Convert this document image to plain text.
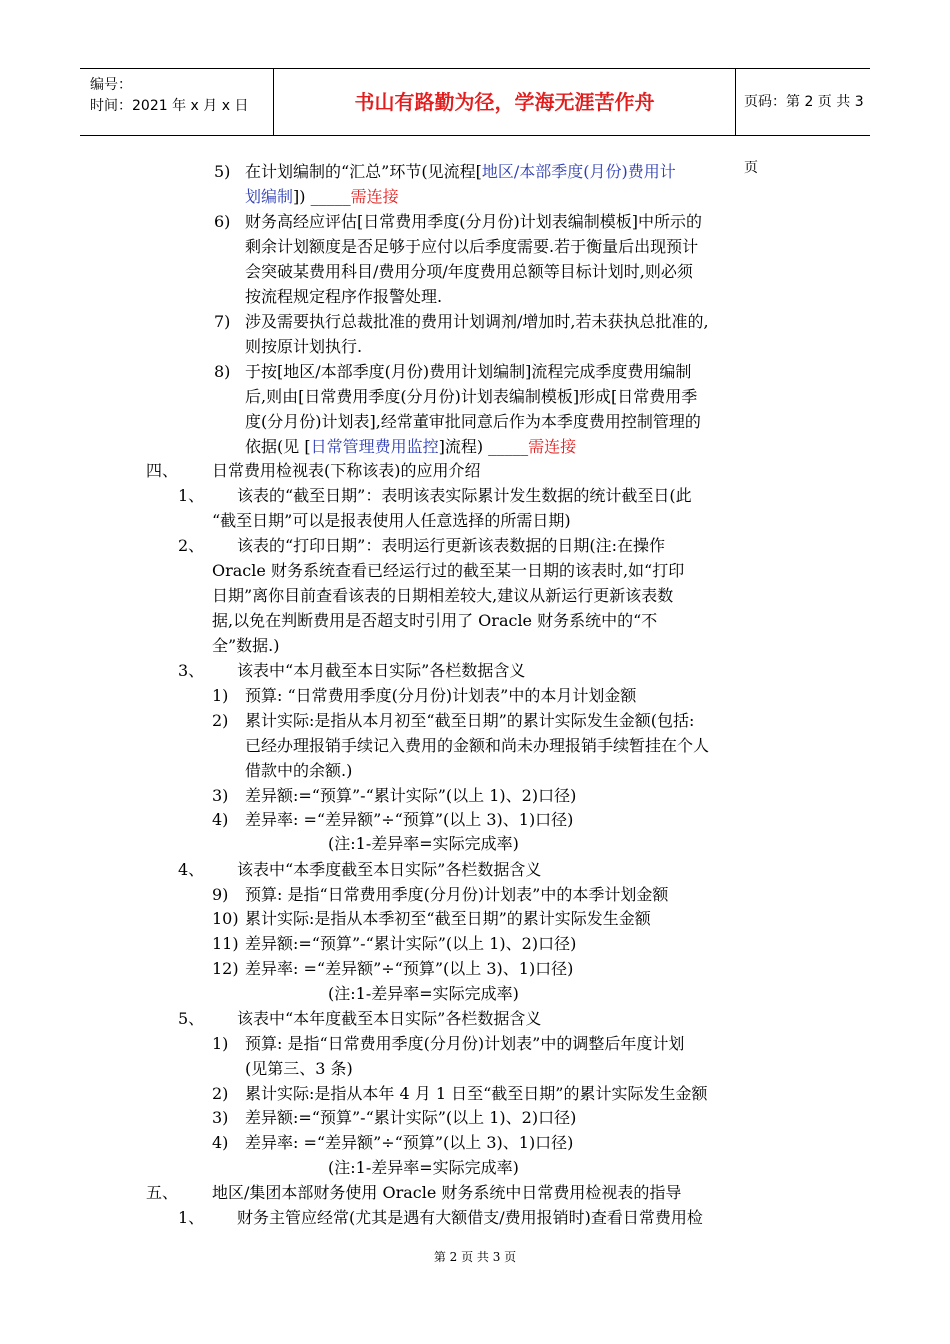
编号：
时间：2021 年 x 月 x 日	书山有路勤为径，学海无涯苦作舟	页码：第 2 页 共 3 页
5) 在计划编制的“汇总”环节(见流程[地区/本部季度(月份)费用计
划编制]) _____需连接
6) 财务高经应评估[日常费用季度(分月份)计划表编制模板]中所示的
剩余计划额度是否足够于应付以后季度需要.若于衡量后出现预计
会突破某费用科目/费用分项/年度费用总额等目标计划时,则必须
按流程规定程序作报警处理.
7) 涉及需要执行总裁批准的费用计划调剂/增加时,若未获执总批准的,
则按原计划执行.
8) 于按[地区/本部季度(月份)费用计划编制]流程完成季度费用编制
后,则由[日常费用季度(分月份)计划表编制模板]形成[日常费用季
度(分月份)计划表],经常董审批同意后作为本季度费用控制管理的
依据(见 [日常管理费用监控]流程) _____需连接
四、 日常费用检视表(下称该表)的应用介绍
1、 该表的“截至日期”：表明该表实际累计发生数据的统计截至日(此
“截至日期”可以是报表使用人任意选择的所需日期)
2、 该表的“打印日期”：表明运行更新该表数据的日期(注:在操作
Oracle 财务系统查看已经运行过的截至某一日期的该表时,如“打印
日期”离你目前查看该表的日期相差较大,建议从新运行更新该表数
据,以免在判断费用是否超支时引用了 Oracle 财务系统中的“不
全”数据.)
3、 该表中“本月截至本日实际”各栏数据含义
1) 预算: “日常费用季度(分月份)计划表”中的本月计划金额
2) 累计实际:是指从本月初至“截至日期”的累计实际发生金额(包括:
已经办理报销手续记入费用的金额和尚未办理报销手续暂挂在个人
借款中的余额.)
3) 差异额:=“预算”-“累计实际”(以上 1)、2)口径)
4) 差异率: =“差异额”÷“预算”(以上 3)、1)口径)
(注:1-差异率=实际完成率)
4、 该表中“本季度截至本日实际”各栏数据含义
9) 预算: 是指“日常费用季度(分月份)计划表”中的本季计划金额
10) 累计实际:是指从本季初至“截至日期”的累计实际发生金额
11) 差异额:=“预算”-“累计实际”(以上 1)、2)口径)
12) 差异率: =“差异额”÷“预算”(以上 3)、1)口径)
(注:1-差异率=实际完成率)
5、 该表中“本年度截至本日实际”各栏数据含义
1) 预算: 是指“日常费用季度(分月份)计划表”中的调整后年度计划
(见第三、3 条)
2) 累计实际:是指从本年 4 月 1 日至“截至日期”的累计实际发生金额
3) 差异额:=“预算”-“累计实际”(以上 1)、2)口径)
4) 差异率: =“差异额”÷“预算”(以上 3)、1)口径)
(注:1-差异率=实际完成率)
五、 地区/集团本部财务使用 Oracle 财务系统中日常费用检视表的指导
1、 财务主管应经常(尤其是遇有大额借支/费用报销时)查看日常费用检
第 2 页 共 3 页
